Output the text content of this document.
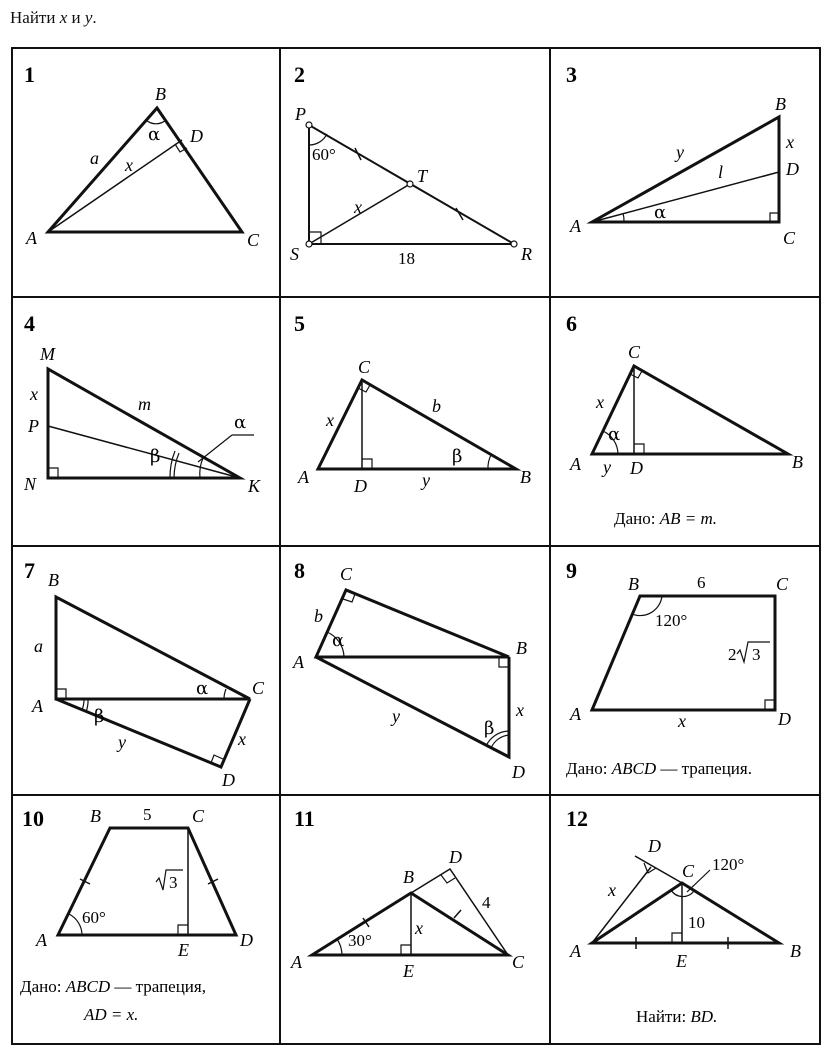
Найти x и y.
1
B
D
A	C
a x
α
2
P
T
S	R
x
60°
18
3
B
D
A
C
x
y
l
α
4
M
P
N	K
x	m
α
β
5
C
A	D	B
x
b
y
β
6
C
A	D	B
x
y
α
Дано: AB = m.
7 B
A
C
D
a
x
y
α
β
8 C
A
B
D
b
x
y
α
β
9
B	C
A	D
x
6
120°
2 3
Дано: ABCD — трапеция.
10	B	C
A	E	D
5
60°
3
Дано: ABCD — трапеция,
AD = x.
11
B
D
A	E	C
x
4
30°
12
D
C
A	E	B
x
10
120°
Найти: BD.
